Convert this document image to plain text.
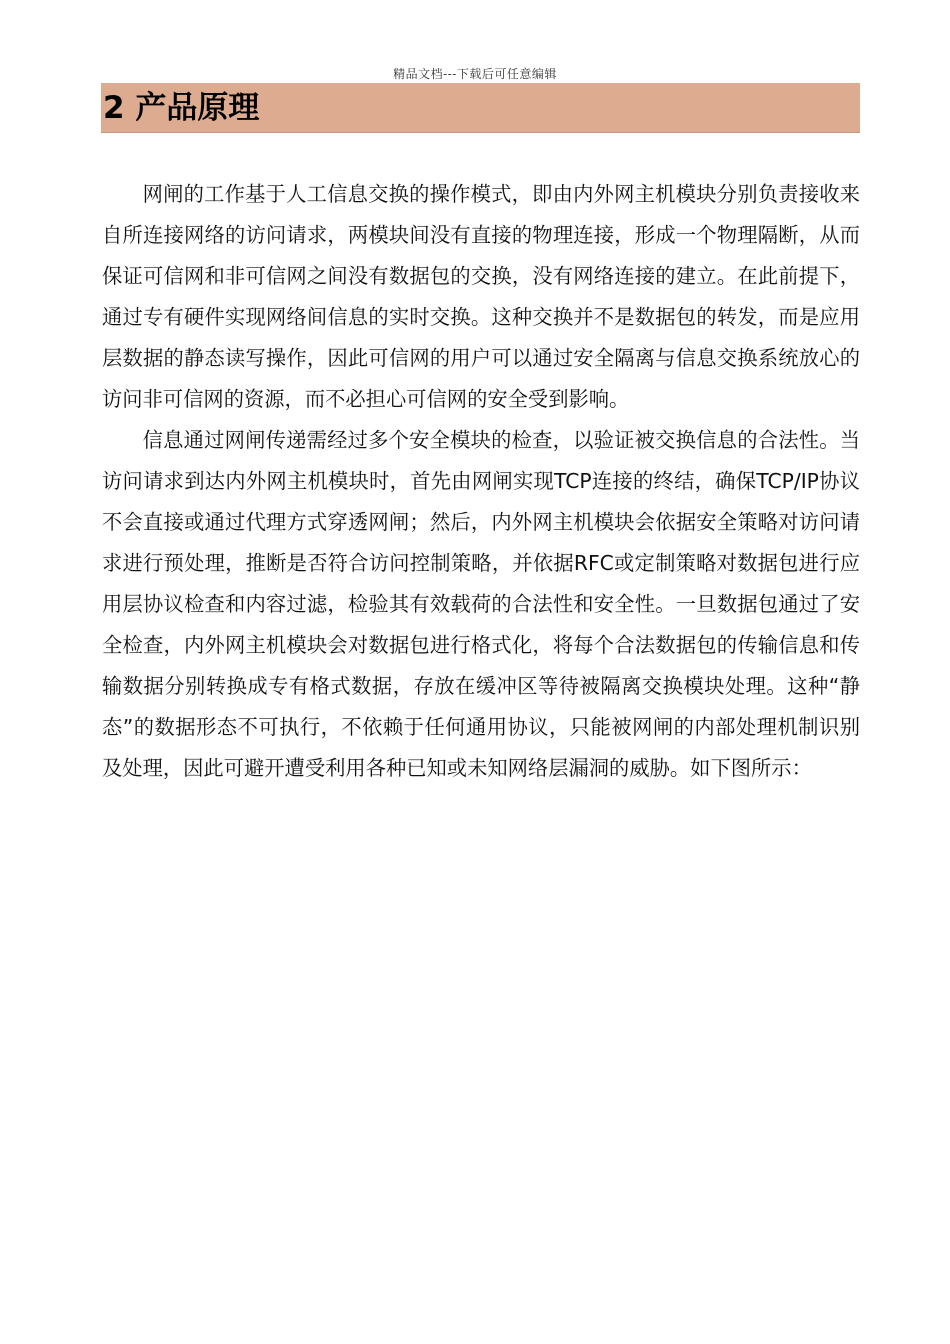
精品文档---下载后可任意编辑
2 产品原理

网闸的工作基于人工信息交换的操作模式，即由内外网主机模块分别负责接收来自所连接网络的访问请求，两模块间没有直接的物理连接，形成一个物理隔断，从而保证可信网和非可信网之间没有数据包的交换，没有网络连接的建立。在此前提下，通过专有硬件实现网络间信息的实时交换。这种交换并不是数据包的转发，而是应用层数据的静态读写操作，因此可信网的用户可以通过安全隔离与信息交换系统放心的访问非可信网的资源，而不必担心可信网的安全受到影响。

信息通过网闸传递需经过多个安全模块的检查，以验证被交换信息的合法性。当访问请求到达内外网主机模块时，首先由网闸实现TCP连接的终结，确保TCP/IP协议不会直接或通过代理方式穿透网闸；然后，内外网主机模块会依据安全策略对访问请求进行预处理，推断是否符合访问控制策略，并依据RFC或定制策略对数据包进行应用层协议检查和内容过滤，检验其有效载荷的合法性和安全性。一旦数据包通过了安全检查，内外网主机模块会对数据包进行格式化，将每个合法数据包的传输信息和传输数据分别转换成专有格式数据，存放在缓冲区等待被隔离交换模块处理。这种“静态”的数据形态不可执行，不依赖于任何通用协议，只能被网闸的内部处理机制识别及处理，因此可避开遭受利用各种已知或未知网络层漏洞的威胁。如下图所示：
